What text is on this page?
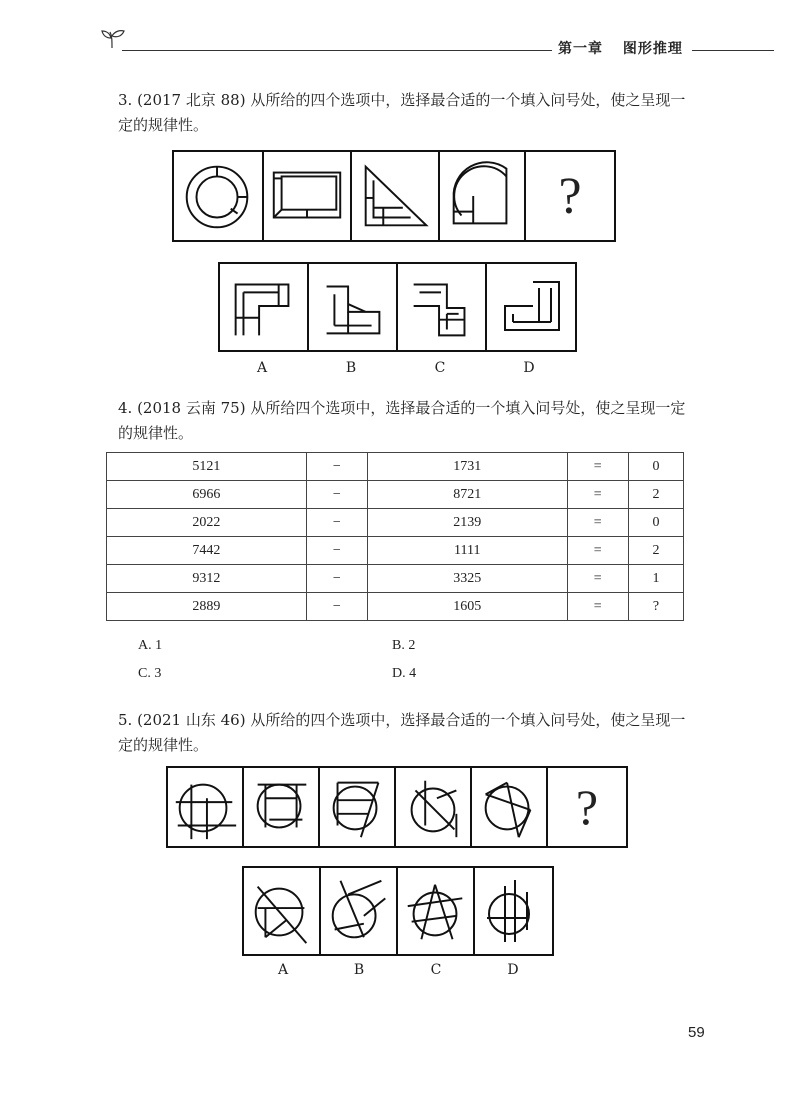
第一章 图形推理
3. (2017 北京 88) 从所给的四个选项中，选择最合适的一个填入问号处，使之呈现一定的规律性。
?
A	B	C	D
4. (2018 云南 75) 从所给四个选项中，选择最合适的一个填入问号处，使之呈现一定的规律性。
5121	−	1731	=	0
6966	−	8721	=	2
2022	−	2139	=	0
7442	−	1111	=	2
9312	−	3325	=	1
2889	−	1605	=	?
A. 1	B. 2
C. 3	D. 4
5. (2021 山东 46) 从所给的四个选项中，选择最合适的一个填入问号处，使之呈现一定的规律性。
?
A	B	C	D
59
